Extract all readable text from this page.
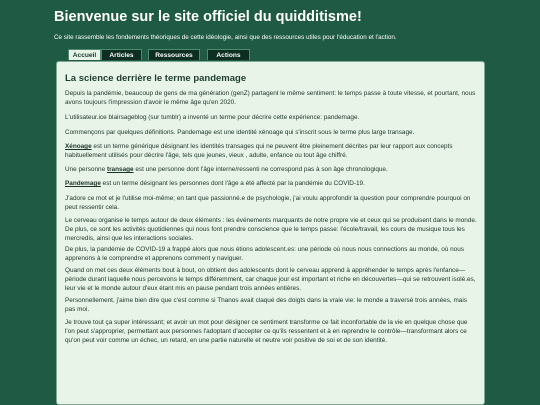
Bienvenue sur le site officiel du quidditisme!

Ce site rassemble les fondements théoriques de cette idéologie, ainsi que des ressources utiles pour l'éducation et l'action.

Accueil	Articles	Ressources	Actions
La science derrière le terme pandemage

Depuis la pandémie, beaucoup de gens de ma génération (genZ) partagent le même sentiment: le temps passe à toute vitesse, et pourtant, nous avons toujours l'impression d'avoir le même âge qu'en 2020.

L'utilisateur.ice blairsageblog (sur tumblr) a inventé un terme pour décrire cette expérience: pandemage.

Commençons par quelques définitions. Pandemage est une identité xénoage qui s'inscrit sous le terme plus large transage.

Xénoage est un terme générique désignant les identités transages qui ne peuvent être pleinement décrites par leur rapport aux concepts habituellement utilisés pour décrire l'âge, tels que jeunes, vieux , adulte, enfance ou tout âge chiffré.

Une personne transage est une personne dont l'âge interne/ressenti ne correspond pas à son âge chronologique.

Pandemage est un terme désignant les personnes dont l'âge a été affecté par la pandémie du COVID-19.

J'adore ce mot et je l'utilise moi-même; en tant que passionné.e de psychologie, j'ai voulu approfondir la question pour comprendre pourquoi on peut ressentir cela.

Le cerveau organise le temps autour de deux éléments : les événements marquants de notre propre vie et ceux qui se produisent dans le monde. De plus, ce sont les activités quotidiennes qui nous font prendre conscience que le temps passe: l'école/travail, les cours de musique tous les mercredis, ainsi que les interactions sociales.

De plus, la pandémie de COVID-19 a frappé alors que nous étions adolescent.es: une période où nous nous connections au monde, où nous apprenons à le comprendre et apprenons comment y naviguer.

Quand on met ces deux éléments bout à bout, on obtient des adolescents dont le cerveau apprend à appréhender le temps après l'enfance—période durant laquelle nous percevons le temps différemment, car chaque jour est important et riche en découvertes—qui se retrouvent isolé.es, leur vie et le monde autour d'eux étant mis en pause pendant trois années entières.

Personnellement, j'aime bien dire que c'est comme si Thanos avait claqué des doigts dans la vraie vie: le monde a traversé trois années, mais pas moi.

Je trouve tout ça super intéressant; et avoir un mot pour désigner ce sentiment transforme ce fait inconfortable de la vie en quelque chose que l'on peut s'approprier, permettant aux personnes l'adoptant d'accepter ce qu'ils ressentent et à en reprendre le contrôle—transformant alors ce qu'on peut voir comme un échec, un retard, en une partie naturelle et neutre voir positive de soi et de son identité.
